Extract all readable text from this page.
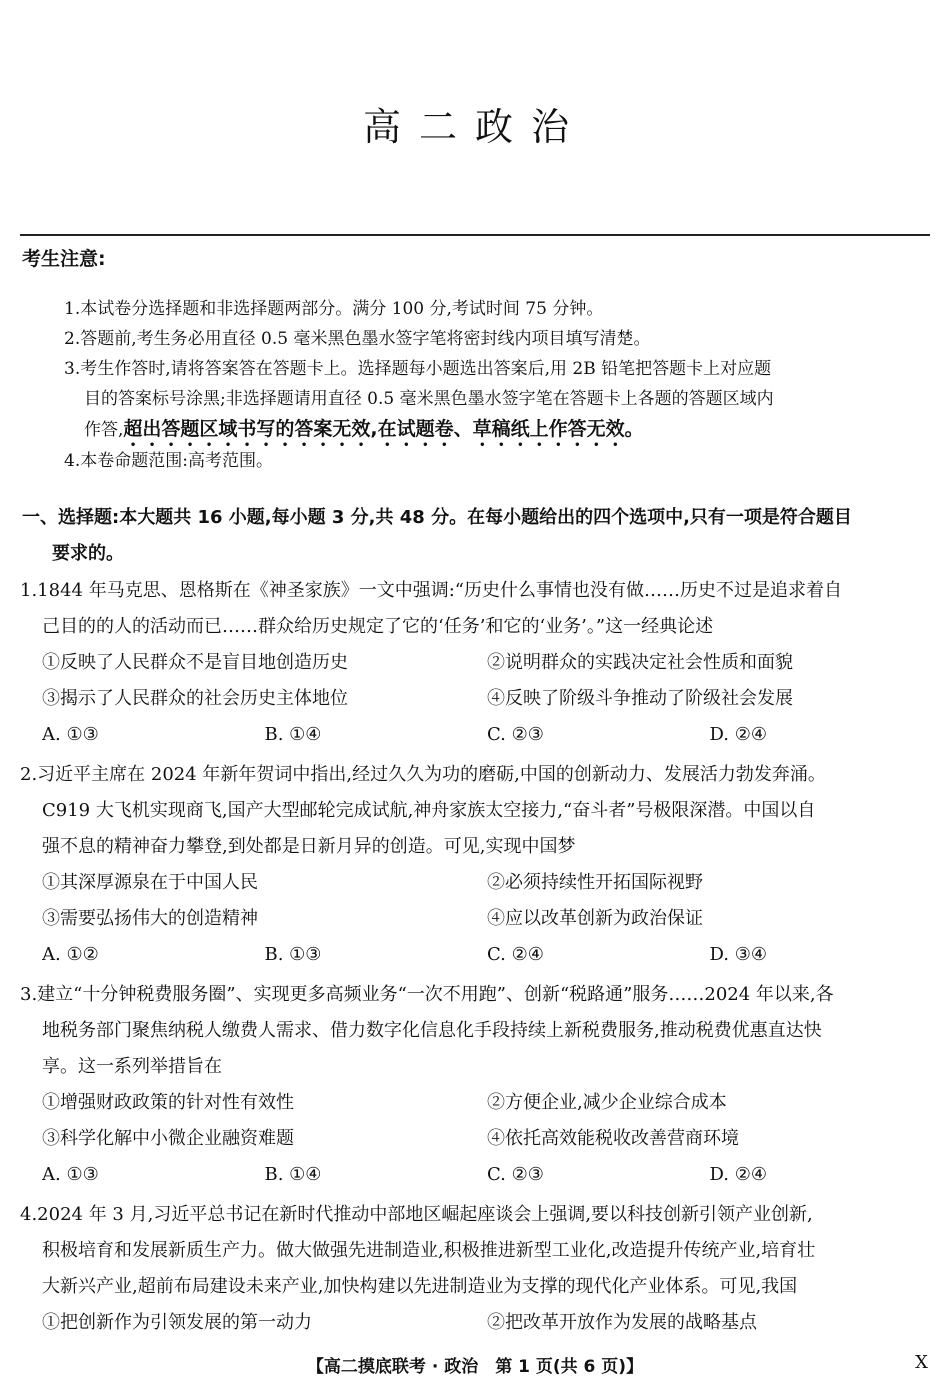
高二政治
考生注意:
1.本试卷分选择题和非选择题两部分。满分 100 分,考试时间 75 分钟。
2.答题前,考生务必用直径 0.5 毫米黑色墨水签字笔将密封线内项目填写清楚。
3.考生作答时,请将答案答在答题卡上。选择题每小题选出答案后,用 2B 铅笔把答题卡上对应题
目的答案标号涂黑;非选择题请用直径 0.5 毫米黑色墨水签字笔在答题卡上各题的答题区域内
作答,超出答题区域书写的答案无效,在试题卷、草稿纸上作答无效。
4.本卷命题范围:高考范围。
一、选择题:本大题共 16 小题,每小题 3 分,共 48 分。在每小题给出的四个选项中,只有一项是符合题目
要求的。
1.1844 年马克思、恩格斯在《神圣家族》一文中强调:“历史什么事情也没有做……历史不过是追求着自
己目的的人的活动而已……群众给历史规定了它的‘任务’和它的‘业务’。”这一经典论述
①反映了人民群众不是盲目地创造历史	②说明群众的实践决定社会性质和面貌
③揭示了人民群众的社会历史主体地位	④反映了阶级斗争推动了阶级社会发展
A. ①③	B. ①④	C. ②③	D. ②④
2.习近平主席在 2024 年新年贺词中指出,经过久久为功的磨砺,中国的创新动力、发展活力勃发奔涌。
C919 大飞机实现商飞,国产大型邮轮完成试航,神舟家族太空接力,“奋斗者”号极限深潜。中国以自
强不息的精神奋力攀登,到处都是日新月异的创造。可见,实现中国梦
①其深厚源泉在于中国人民	②必须持续性开拓国际视野
③需要弘扬伟大的创造精神	④应以改革创新为政治保证
A. ①②	B. ①③	C. ②④	D. ③④
3.建立“十分钟税费服务圈”、实现更多高频业务“一次不用跑”、创新“税路通”服务……2024 年以来,各
地税务部门聚焦纳税人缴费人需求、借力数字化信息化手段持续上新税费服务,推动税费优惠直达快
享。这一系列举措旨在
①增强财政政策的针对性有效性	②方便企业,减少企业综合成本
③科学化解中小微企业融资难题	④依托高效能税收改善营商环境
A. ①③	B. ①④	C. ②③	D. ②④
4.2024 年 3 月,习近平总书记在新时代推动中部地区崛起座谈会上强调,要以科技创新引领产业创新,
积极培育和发展新质生产力。做大做强先进制造业,积极推进新型工业化,改造提升传统产业,培育壮
大新兴产业,超前布局建设未来产业,加快构建以先进制造业为支撑的现代化产业体系。可见,我国
①把创新作为引领发展的第一动力	②把改革开放作为发展的战略基点
【高二摸底联考 · 政治　第 1 页(共 6 页)】	X
